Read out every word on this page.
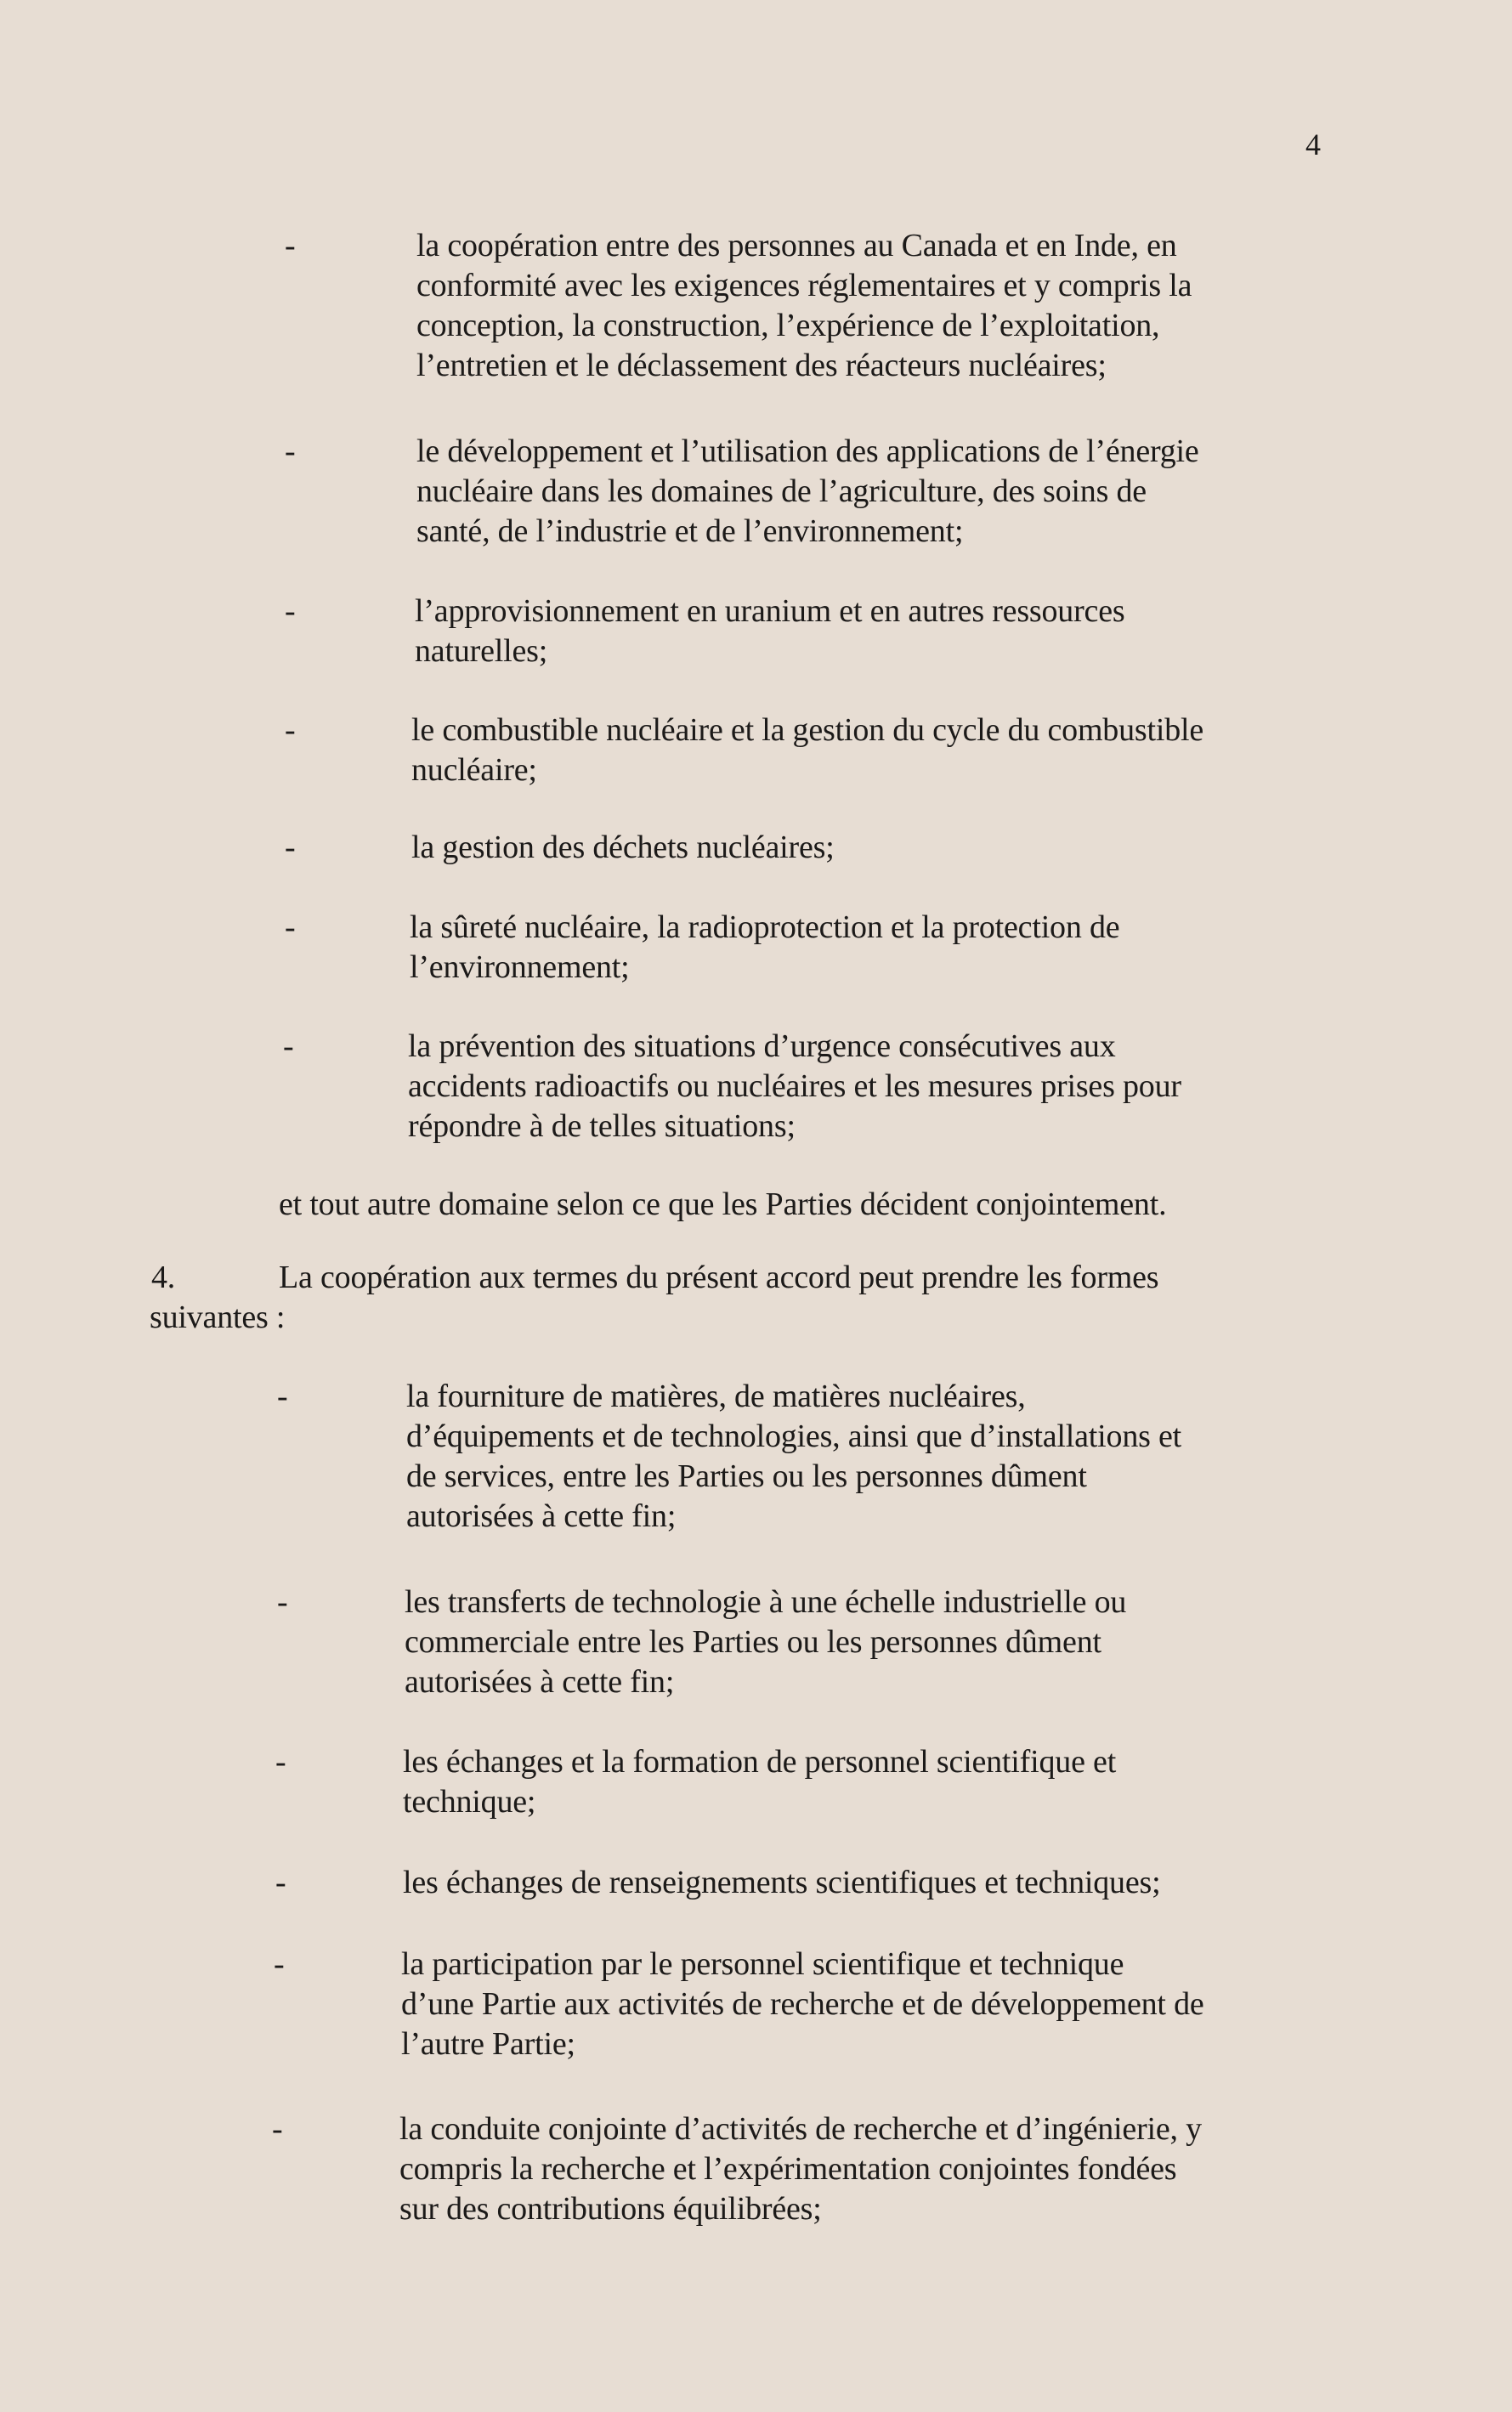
4
-	la coopération entre des personnes au Canada et en Inde, en
conformité avec les exigences réglementaires et y compris la
conception, la construction, l’expérience de l’exploitation,
l’entretien et le déclassement des réacteurs nucléaires;
-	le développement et l’utilisation des applications de l’énergie
nucléaire dans les domaines de l’agriculture, des soins de
santé, de l’industrie et de l’environnement;
-	l’approvisionnement en uranium et en autres ressources
naturelles;
-	le combustible nucléaire et la gestion du cycle du combustible
nucléaire;
-	la gestion des déchets nucléaires;
-	la sûreté nucléaire, la radioprotection et la protection de
l’environnement;
-	la prévention des situations d’urgence consécutives aux
accidents radioactifs ou nucléaires et les mesures prises pour
répondre à de telles situations;
et tout autre domaine selon ce que les Parties décident conjointement.
4.	La coopération aux termes du présent accord peut prendre les formes
suivantes :
-	la fourniture de matières, de matières nucléaires,
d’équipements et de technologies, ainsi que d’installations et
de services, entre les Parties ou les personnes dûment
autorisées à cette fin;
-	les transferts de technologie à une échelle industrielle ou
commerciale entre les Parties ou les personnes dûment
autorisées à cette fin;
-	les échanges et la formation de personnel scientifique et
technique;
-	les échanges de renseignements scientifiques et techniques;
-	la participation par le personnel scientifique et technique
d’une Partie aux activités de recherche et de développement de
l’autre Partie;
-	la conduite conjointe d’activités de recherche et d’ingénierie, y
compris la recherche et l’expérimentation conjointes fondées
sur des contributions équilibrées;
